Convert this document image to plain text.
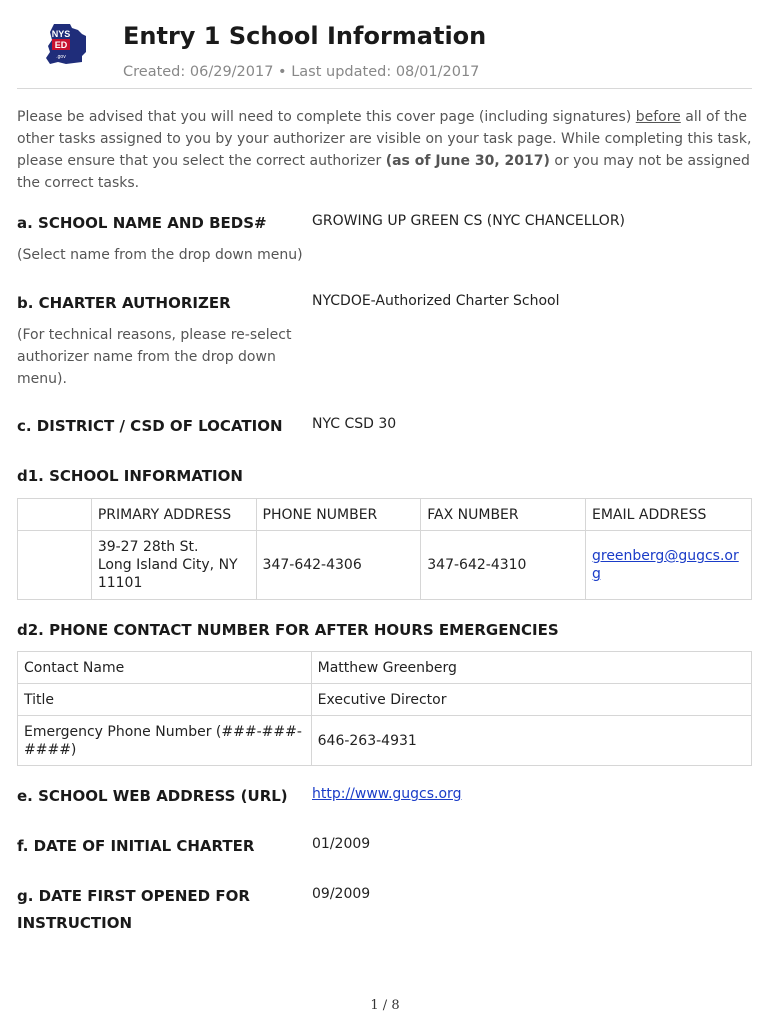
NYS
ED
.gov
Entry 1 School Information
Created: 06/29/2017 • Last updated: 08/01/2017
Please be advised that you will need to complete this cover page (including signatures) before all of the other tasks assigned to you by your authorizer are visible on your task page. While completing this task, please ensure that you select the correct authorizer (as of June 30, 2017) or you may not be assigned the correct tasks.
a. SCHOOL NAME AND BEDS#	GROWING UP GREEN CS (NYC CHANCELLOR)
(Select name from the drop down menu)
b. CHARTER AUTHORIZER	NYCDOE-Authorized Charter School
(For technical reasons, please re-select authorizer name from the drop down menu).
c. DISTRICT / CSD OF LOCATION NYC CSD 30
d1. SCHOOL INFORMATION
	PRIMARY ADDRESS	PHONE NUMBER	FAX NUMBER	EMAIL ADDRESS
	39-27 28th St.
Long Island City, NY
11101	347-642-4306	347-642-4310	greenberg@gugcs.or
g
d2. PHONE CONTACT NUMBER FOR AFTER HOURS EMERGENCIES
Contact Name	Matthew Greenberg
Title	Executive Director
Emergency Phone Number (###-###-####)	646-263-4931
e. SCHOOL WEB ADDRESS (URL) http://www.gugcs.org
f. DATE OF INITIAL CHARTER	01/2009
g. DATE FIRST OPENED FOR INSTRUCTION
09/2009
1 / 8
